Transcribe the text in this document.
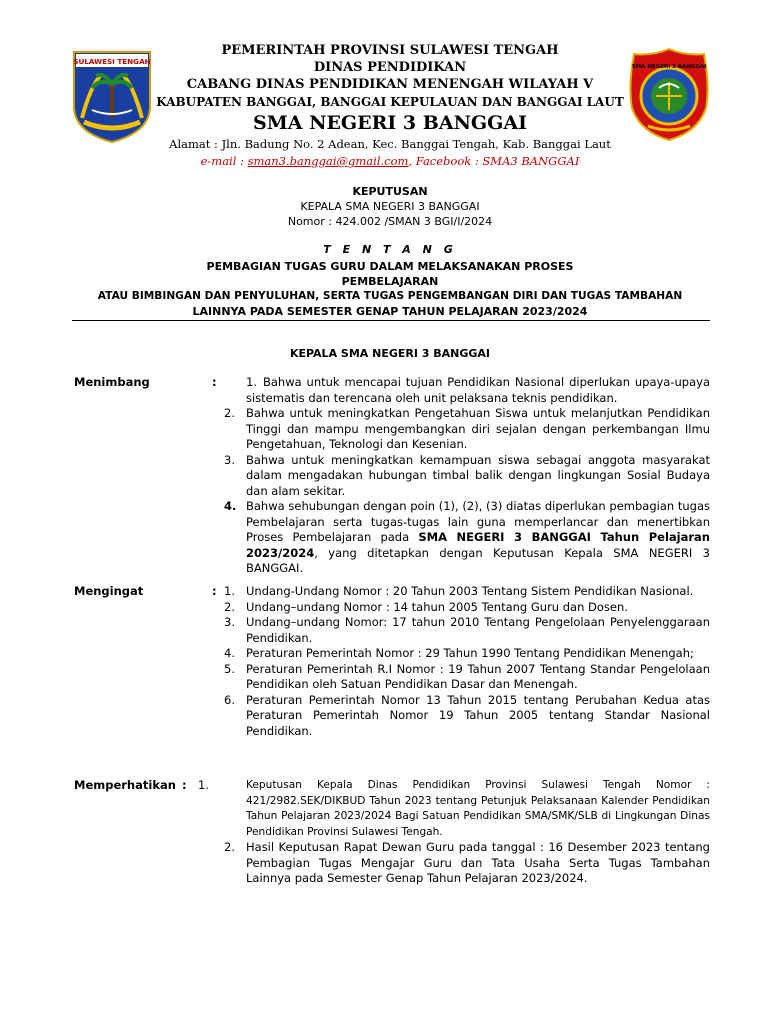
SULAWESI TENGAH
SMA NEGERI 3 BANGGAI
PEMERINTAH PROVINSI SULAWESI TENGAH
DINAS PENDIDIKAN
CABANG DINAS PENDIDIKAN MENENGAH WILAYAH V
KABUPATEN BANGGAI, BANGGAI KEPULAUAN DAN BANGGAI LAUT
SMA NEGERI 3 BANGGAI
Alamat : Jln. Badung No. 2 Adean, Kec. Banggai Tengah, Kab. Banggai Laut
e-mail : sman3.banggai@gmail.com, Facebook : SMA3 BANGGAI
KEPUTUSAN
KEPALA SMA NEGERI 3 BANGGAI
Nomor : 424.002 /SMAN 3 BGI/I/2024
T E N T A N G
PEMBAGIAN TUGAS GURU DALAM MELAKSANAKAN PROSES
PEMBELAJARAN
ATAU BIMBINGAN DAN PENYULUHAN, SERTA TUGAS PENGEMBANGAN DIRI DAN TUGAS TAMBAHAN
LAINNYA PADA SEMESTER GENAP TAHUN PELAJARAN 2023/2024
KEPALA SMA NEGERI 3 BANGGAI
Menimbang	:	1. Bahwa untuk mencapai tujuan Pendidikan Nasional diperlukan upaya-upaya sistematis dan terencana oleh unit pelaksana teknis pendidikan.
2. Bahwa untuk meningkatkan Pengetahuan Siswa untuk melanjutkan Pendidikan Tinggi dan mampu mengembangkan diri sejalan dengan perkembangan Ilmu Pengetahuan, Teknologi dan Kesenian.
3. Bahwa untuk meningkatkan kemampuan siswa sebagai anggota masyarakat dalam mengadakan hubungan timbal balik dengan lingkungan Sosial Budaya dan alam sekitar.
4. Bahwa sehubungan dengan poin (1), (2), (3) diatas diperlukan pembagian tugas Pembelajaran serta tugas-tugas lain guna memperlancar dan menertibkan Proses Pembelajaran pada SMA NEGERI 3 BANGGAI Tahun Pelajaran 2023/2024, yang ditetapkan dengan Keputusan Kepala SMA NEGERI 3 BANGGAI.
Mengingat	: 1. Undang-Undang Nomor : 20 Tahun 2003 Tentang Sistem Pendidikan Nasional.
2. Undang–undang Nomor : 14 tahun 2005 Tentang Guru dan Dosen.
3. Undang–undang Nomor: 17 tahun 2010 Tentang Pengelolaan Penyelenggaraan Pendidikan.
4. Peraturan Pemerintah Nomor : 29 Tahun 1990 Tentang Pendidikan Menengah;
5. Peraturan Pemerintah R.I Nomor : 19 Tahun 2007 Tentang Standar Pengelolaan Pendidikan oleh Satuan Pendidikan Dasar dan Menengah.
6. Peraturan Pemerintah Nomor 13 Tahun 2015 tentang Perubahan Kedua atas Peraturan Pemerintah Nomor 19 Tahun 2005 tentang Standar Nasional Pendidikan.
Memperhatikan : 1.	Keputusan Kepala Dinas Pendidikan Provinsi Sulawesi Tengah Nomor : 421/2982.SEK/DIKBUD Tahun 2023 tentang Petunjuk Pelaksanaan Kalender Pendidikan Tahun Pelajaran 2023/2024 Bagi Satuan Pendidikan SMA/SMK/SLB di Lingkungan Dinas Pendidikan Provinsi Sulawesi Tengah.
2. Hasil Keputusan Rapat Dewan Guru pada tanggal : 16 Desember 2023 tentang Pembagian Tugas Mengajar Guru dan Tata Usaha Serta Tugas Tambahan Lainnya pada Semester Genap Tahun Pelajaran 2023/2024.
